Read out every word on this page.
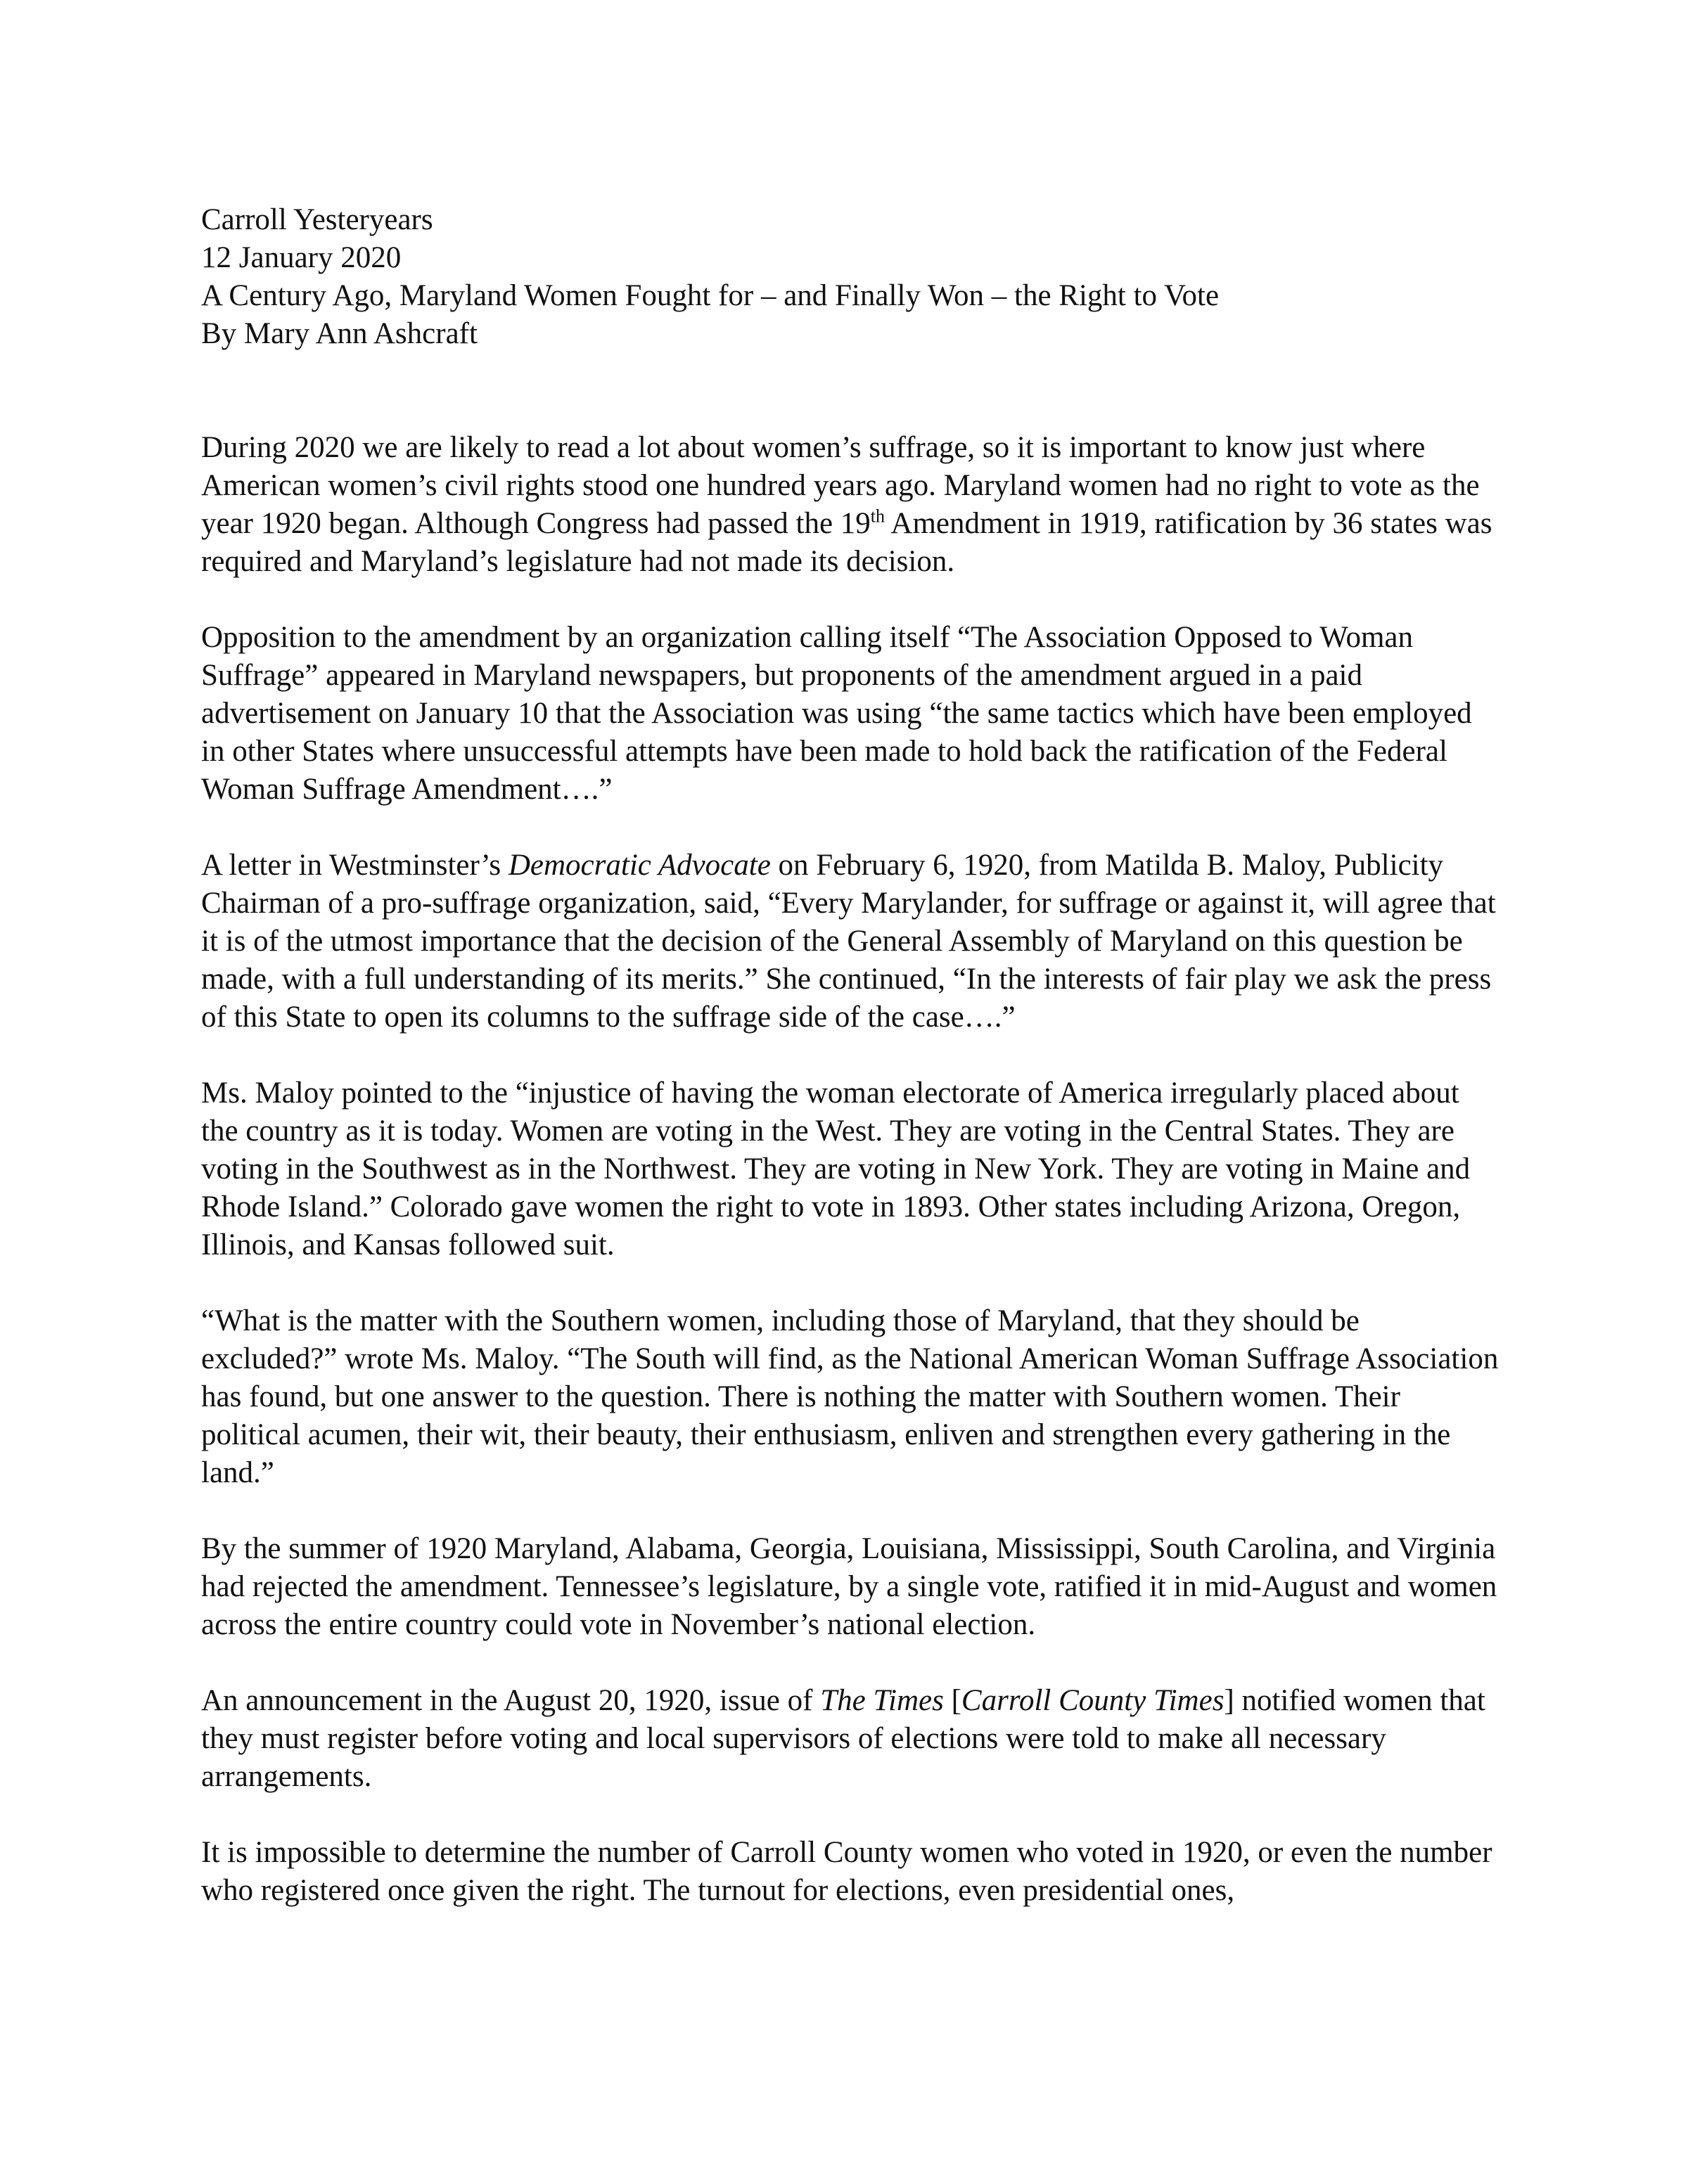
Carroll Yesteryears
12 January 2020
A Century Ago, Maryland Women Fought for – and Finally Won – the Right to Vote
By Mary Ann Ashcraft

During 2020 we are likely to read a lot about women’s suffrage, so it is important to know just where American women’s civil rights stood one hundred years ago. Maryland women had no right to vote as the year 1920 began. Although Congress had passed the 19th Amendment in 1919, ratification by 36 states was required and Maryland’s legislature had not made its decision.

Opposition to the amendment by an organization calling itself “The Association Opposed to Woman Suffrage” appeared in Maryland newspapers, but proponents of the amendment argued in a paid advertisement on January 10 that the Association was using “the same tactics which have been employed in other States where unsuccessful attempts have been made to hold back the ratification of the Federal Woman Suffrage Amendment….”

A letter in Westminster’s Democratic Advocate on February 6, 1920, from Matilda B. Maloy, Publicity Chairman of a pro-suffrage organization, said, “Every Marylander, for suffrage or against it, will agree that it is of the utmost importance that the decision of the General Assembly of Maryland on this question be made, with a full understanding of its merits.” She continued, “In the interests of fair play we ask the press of this State to open its columns to the suffrage side of the case….”

Ms. Maloy pointed to the “injustice of having the woman electorate of America irregularly placed about the country as it is today. Women are voting in the West. They are voting in the Central States. They are voting in the Southwest as in the Northwest. They are voting in New York. They are voting in Maine and Rhode Island.” Colorado gave women the right to vote in 1893. Other states including Arizona, Oregon, Illinois, and Kansas followed suit.

“What is the matter with the Southern women, including those of Maryland, that they should be excluded?” wrote Ms. Maloy. “The South will find, as the National American Woman Suffrage Association has found, but one answer to the question. There is nothing the matter with Southern women. Their political acumen, their wit, their beauty, their enthusiasm, enliven and strengthen every gathering in the land.”

By the summer of 1920 Maryland, Alabama, Georgia, Louisiana, Mississippi, South Carolina, and Virginia had rejected the amendment. Tennessee’s legislature, by a single vote, ratified it in mid-August and women across the entire country could vote in November’s national election.

An announcement in the August 20, 1920, issue of The Times [Carroll County Times] notified women that they must register before voting and local supervisors of elections were told to make all necessary arrangements.

It is impossible to determine the number of Carroll County women who voted in 1920, or even the number who registered once given the right. The turnout for elections, even presidential ones,
